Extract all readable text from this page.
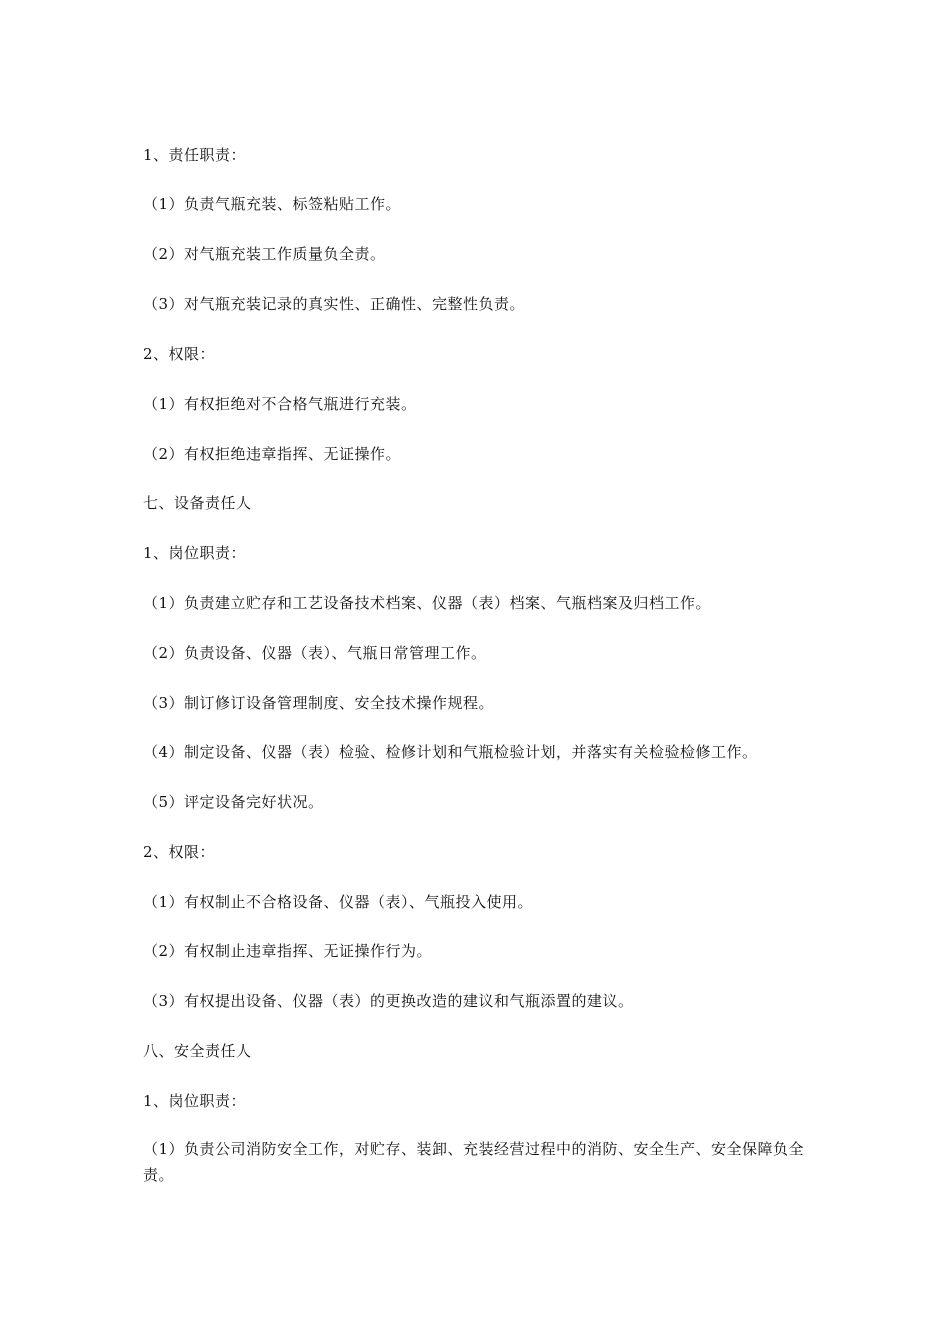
1、责任职责：
（1）负责气瓶充装、标签粘贴工作。
（2）对气瓶充装工作质量负全责。
（3）对气瓶充装记录的真实性、正确性、完整性负责。
2、权限：
（1）有权拒绝对不合格气瓶进行充装。
（2）有权拒绝违章指挥、无证操作。
七、设备责任人
1、岗位职责：
（1）负责建立贮存和工艺设备技术档案、仪器（表）档案、气瓶档案及归档工作。
（2）负责设备、仪器（表）、气瓶日常管理工作。
（3）制订修订设备管理制度、安全技术操作规程。
（4）制定设备、仪器（表）检验、检修计划和气瓶检验计划，并落实有关检验检修工作。
（5）评定设备完好状况。
2、权限：
（1）有权制止不合格设备、仪器（表）、气瓶投入使用。
（2）有权制止违章指挥、无证操作行为。
（3）有权提出设备、仪器（表）的更换改造的建议和气瓶添置的建议。
八、安全责任人
1、岗位职责：
（1）负责公司消防安全工作，对贮存、装卸、充装经营过程中的消防、安全生产、安全保障负全责。
